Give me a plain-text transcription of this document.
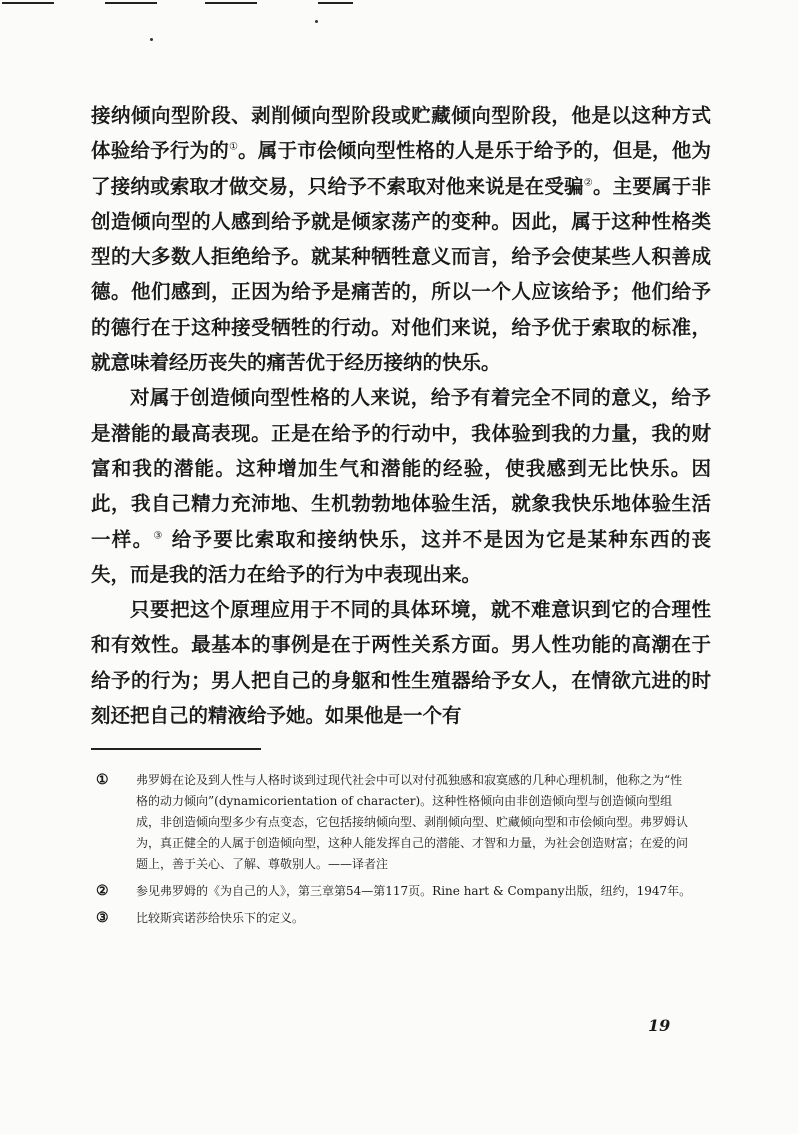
接纳倾向型阶段、剥削倾向型阶段或贮藏倾向型阶段，他是以这种方式体验给予行为的①。属于市侩倾向型性格的人是乐于给予的，但是，他为了接纳或索取才做交易，只给予不索取对他来说是在受骗②。主要属于非创造倾向型的人感到给予就是倾家荡产的变种。因此，属于这种性格类型的大多数人拒绝给予。就某种牺牲意义而言，给予会使某些人积善成德。他们感到，正因为给予是痛苦的，所以一个人应该给予；他们给予的德行在于这种接受牺牲的行动。对他们来说，给予优于索取的标准，就意味着经历丧失的痛苦优于经历接纳的快乐。

对属于创造倾向型性格的人来说，给予有着完全不同的意义，给予是潜能的最高表现。正是在给予的行动中，我体验到我的力量，我的财富和我的潜能。这种增加生气和潜能的经验，使我感到无比快乐。因此，我自己精力充沛地、生机勃勃地体验生活，就象我快乐地体验生活一样。③ 给予要比索取和接纳快乐，这并不是因为它是某种东西的丧失，而是我的活力在给予的行为中表现出来。

只要把这个原理应用于不同的具体环境，就不难意识到它的合理性和有效性。最基本的事例是在于两性关系方面。男人性功能的高潮在于给予的行为；男人把自己的身躯和性生殖器给予女人，在情欲亢进的时刻还把自己的精液给予她。如果他是一个有

①	弗罗姆在论及到人性与人格时谈到过现代社会中可以对付孤独感和寂寞感的几种心理机制，他称之为“性格的动力倾向”(dynamicorientation of character)。这种性格倾向由非创造倾向型与创造倾向型组成，非创造倾向型多少有点变态，它包括接纳倾向型、剥削倾向型、贮藏倾向型和市侩倾向型。弗罗姆认为，真正健全的人属于创造倾向型，这种人能发挥自己的潜能、才智和力量，为社会创造财富；在爱的问题上，善于关心、了解、尊敬别人。——译者注
②	参见弗罗姆的《为自己的人》，第三章第54—第117页。Rine hart & Company出版，纽约，1947年。
③	比较斯宾诺莎给快乐下的定义。
19
